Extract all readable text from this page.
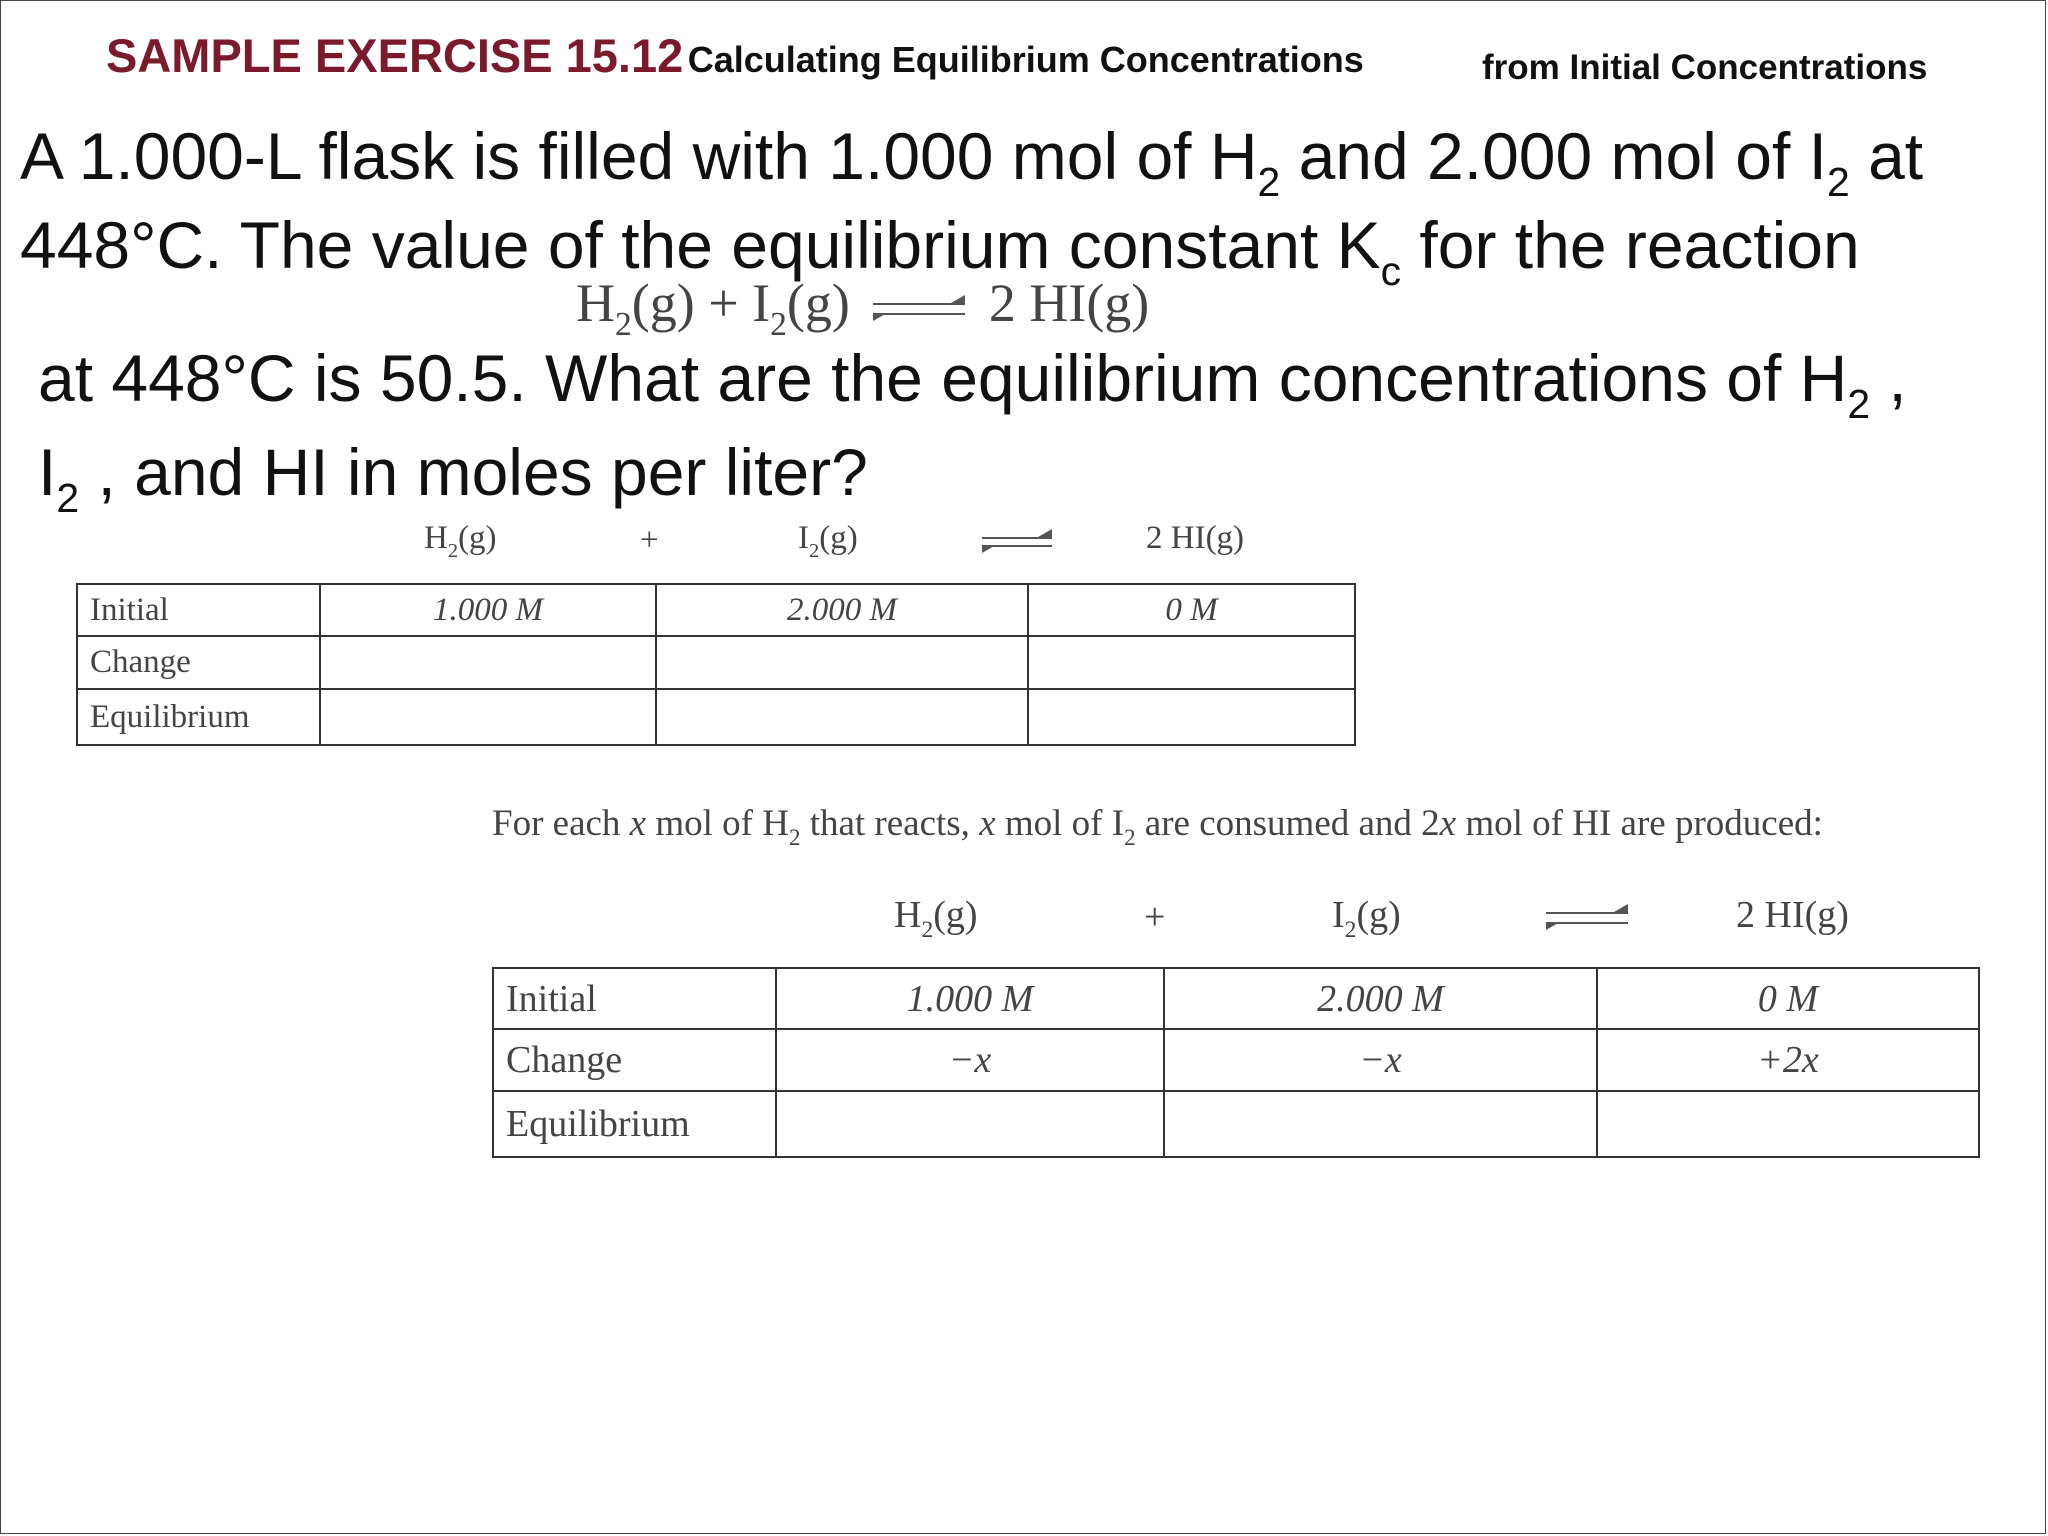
SAMPLE EXERCISE 15.12 Calculating Equilibrium Concentrations	from Initial Concentrations
A 1.000-L flask is filled with 1.000 mol of $H_2$ and 2.000 mol of $I_2$ at
448°C. The value of the equilibrium constant $K_c$ for the reaction
$H_2(g) + I_2(g)$ ⇌ 2 HI(g)
at 448°C is 50.5. What are the equilibrium concentrations of $H_2$ ,
$I_2$ , and HI in moles per liter?
$H_2(g)$	+	$I_2(g)$	2 HI(g)
Initial	1.000 M	2.000 M	0 M
Change			
Equilibrium			
For each x mol of $H_2$ that reacts, x mol of $I_2$ are consumed and 2x mol of HI are produced:
$H_2(g)$	+	$I_2(g)$	2 HI(g)
Initial	1.000 M	2.000 M	0 M
Change	−x	−x	+2x
Equilibrium			
